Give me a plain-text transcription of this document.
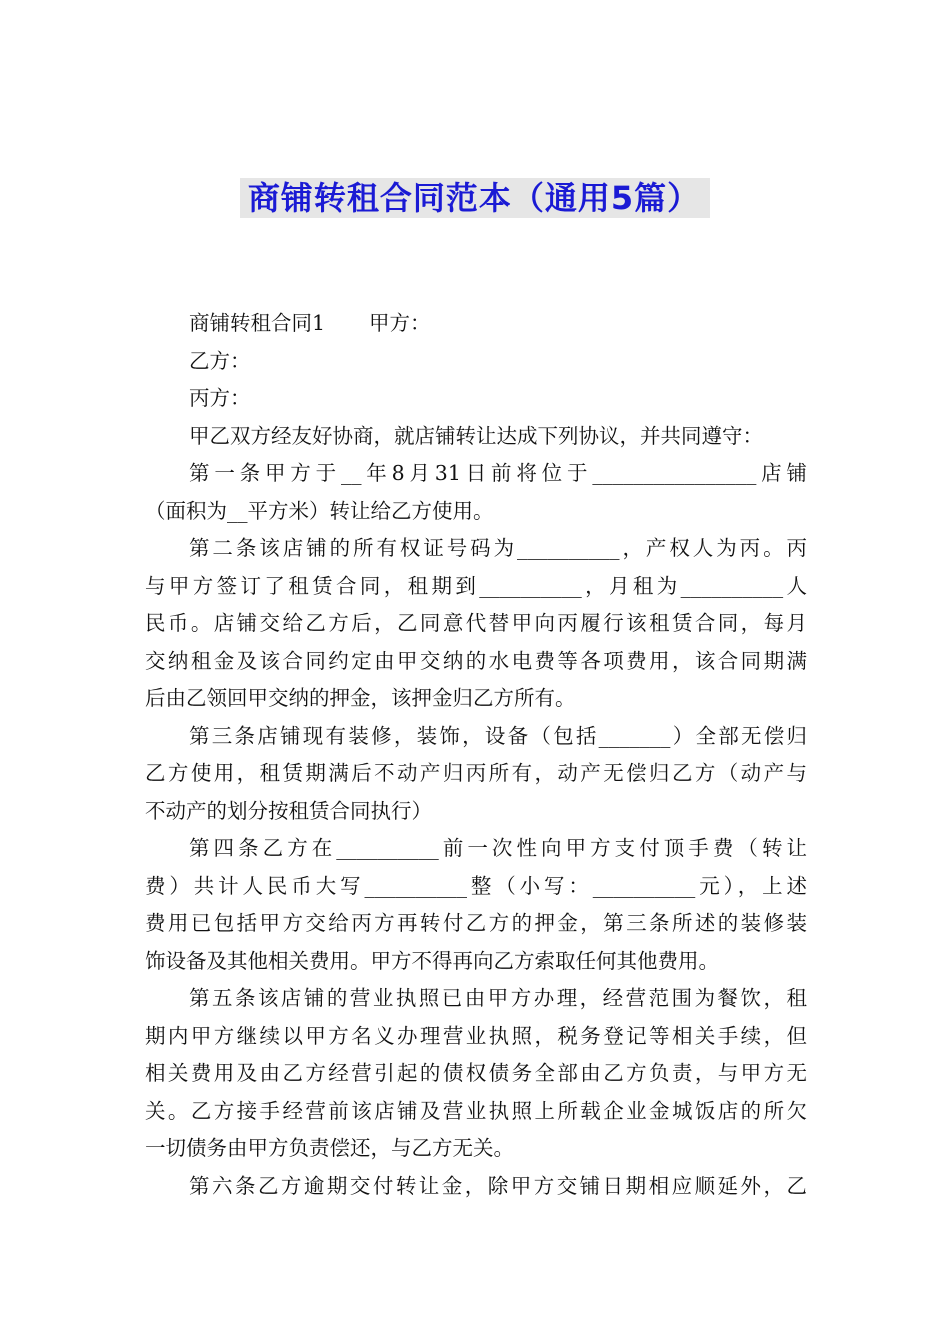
商铺转租合同范本（通用5篇）
商铺转租合同1 甲方：
乙方：
丙方：
甲乙双方经友好协商，就店铺转让达成下列协议，并共同遵守：
第一条甲方于__年8月31日前将位于________________店铺
（面积为__平方米）转让给乙方使用。
第二条该店铺的所有权证号码为__________，产权人为丙。丙
与甲方签订了租赁合同，租期到__________，月租为__________人
民币。店铺交给乙方后，乙同意代替甲向丙履行该租赁合同，每月
交纳租金及该合同约定由甲交纳的水电费等各项费用，该合同期满
后由乙领回甲交纳的押金，该押金归乙方所有。
第三条店铺现有装修，装饰，设备（包括_______）全部无偿归
乙方使用，租赁期满后不动产归丙所有，动产无偿归乙方（动产与
不动产的划分按租赁合同执行）
第四条乙方在__________前一次性向甲方支付顶手费（转让
费）共计人民币大写__________整（小写：__________元），上述
费用已包括甲方交给丙方再转付乙方的押金，第三条所述的装修装
饰设备及其他相关费用。甲方不得再向乙方索取任何其他费用。
第五条该店铺的营业执照已由甲方办理，经营范围为餐饮，租
期内甲方继续以甲方名义办理营业执照，税务登记等相关手续，但
相关费用及由乙方经营引起的债权债务全部由乙方负责，与甲方无
关。乙方接手经营前该店铺及营业执照上所载企业金城饭店的所欠
一切债务由甲方负责偿还，与乙方无关。
第六条乙方逾期交付转让金，除甲方交铺日期相应顺延外，乙
